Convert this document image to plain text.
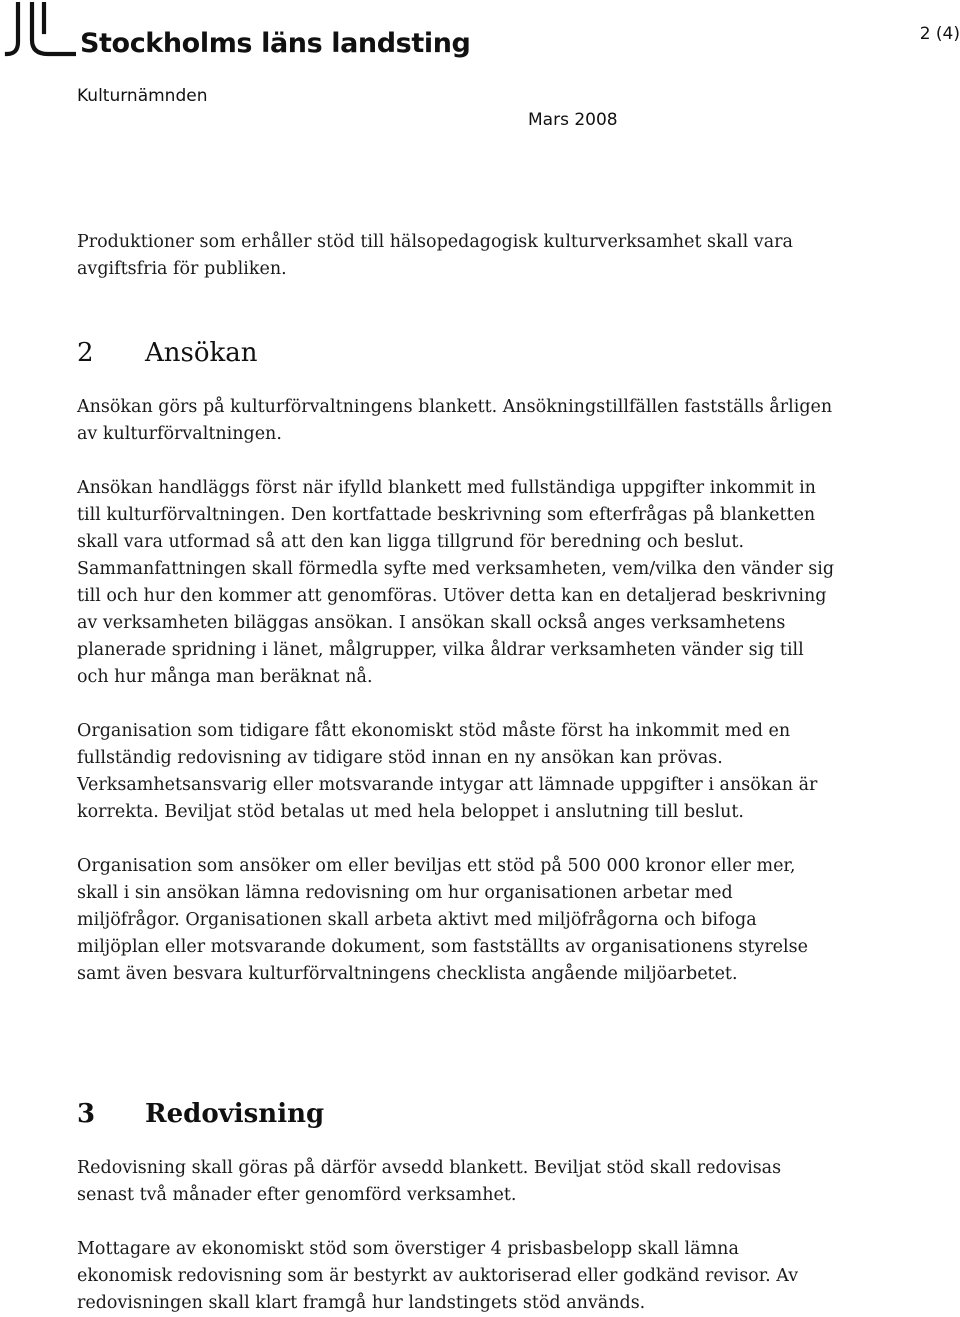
Stockholms läns landsting	2 (4)
Kulturnämnden
Mars 2008

Produktioner som erhåller stöd till hälsopedagogisk kulturverksamhet skall vara avgiftsfria för publiken.

2 Ansökan

Ansökan görs på kulturförvaltningens blankett. Ansökningstillfällen fastställs årligen av kulturförvaltningen.

Ansökan handläggs först när ifylld blankett med fullständiga uppgifter inkommit in till kulturförvaltningen. Den kortfattade beskrivning som efterfrågas på blanketten skall vara utformad så att den kan ligga tillgrund för beredning och beslut. Sammanfattningen skall förmedla syfte med verksamheten, vem/vilka den vänder sig till och hur den kommer att genomföras. Utöver detta kan en detaljerad beskrivning av verksamheten biläggas ansökan. I ansökan skall också anges verksamhetens planerade spridning i länet, målgrupper, vilka åldrar verksamheten vänder sig till och hur många man beräknat nå.

Organisation som tidigare fått ekonomiskt stöd måste först ha inkommit med en fullständig redovisning av tidigare stöd innan en ny ansökan kan prövas. Verksamhetsansvarig eller motsvarande intygar att lämnade uppgifter i ansökan är korrekta. Beviljat stöd betalas ut med hela beloppet i anslutning till beslut.

Organisation som ansöker om eller beviljas ett stöd på 500 000 kronor eller mer, skall i sin ansökan lämna redovisning om hur organisationen arbetar med miljöfrågor. Organisationen skall arbeta aktivt med miljöfrågorna och bifoga miljöplan eller motsvarande dokument, som fastställts av organisationens styrelse samt även besvara kulturförvaltningens checklista angående miljöarbetet.

3 Redovisning

Redovisning skall göras på därför avsedd blankett. Beviljat stöd skall redovisas senast två månader efter genomförd verksamhet.

Mottagare av ekonomiskt stöd som överstiger 4 prisbasbelopp skall lämna ekonomisk redovisning som är bestyrkt av auktoriserad eller godkänd revisor. Av redovisningen skall klart framgå hur landstingets stöd används.
